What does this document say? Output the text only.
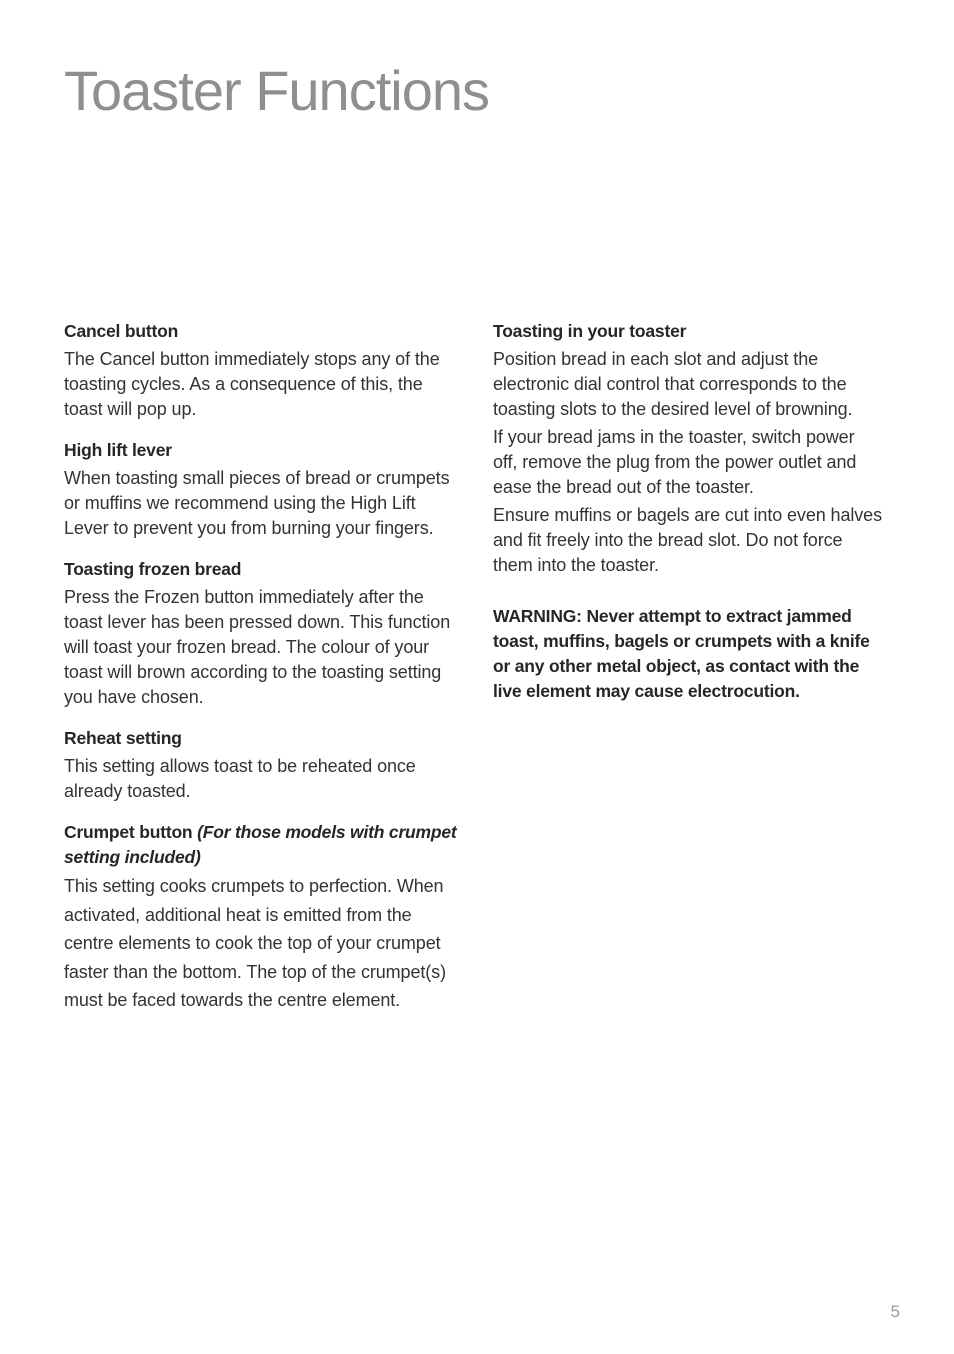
Toaster Functions

Cancel button

The Cancel button immediately stops any of the toasting cycles. As a consequence of this, the toast will pop up.

High lift lever

When toasting small pieces of bread or crumpets or muffins we recommend using the High Lift Lever to prevent you from burning your fingers.

Toasting frozen bread

Press the Frozen button immediately after the toast lever has been pressed down. This function will toast your frozen bread. The colour of your toast will brown according to the toasting setting you have chosen.

Reheat setting

This setting allows toast to be reheated once already toasted.

Crumpet button (For those models with crumpet setting included)

This setting cooks crumpets to perfection. When activated, additional heat is emitted from the centre elements to cook the top of your crumpet faster than the bottom. The top of the crumpet(s) must be faced towards the centre element.

Toasting in your toaster

Position bread in each slot and adjust the electronic dial control that corresponds to the toasting slots to the desired level of browning.

If your bread jams in the toaster, switch power off, remove the plug from the power outlet and ease the bread out of the toaster.

Ensure muffins or bagels are cut into even halves and fit freely into the bread slot. Do not force them into the toaster.

WARNING: Never attempt to extract jammed toast, muffins, bagels or crumpets with a knife or any other metal object, as contact with the live element may cause electrocution.

5
